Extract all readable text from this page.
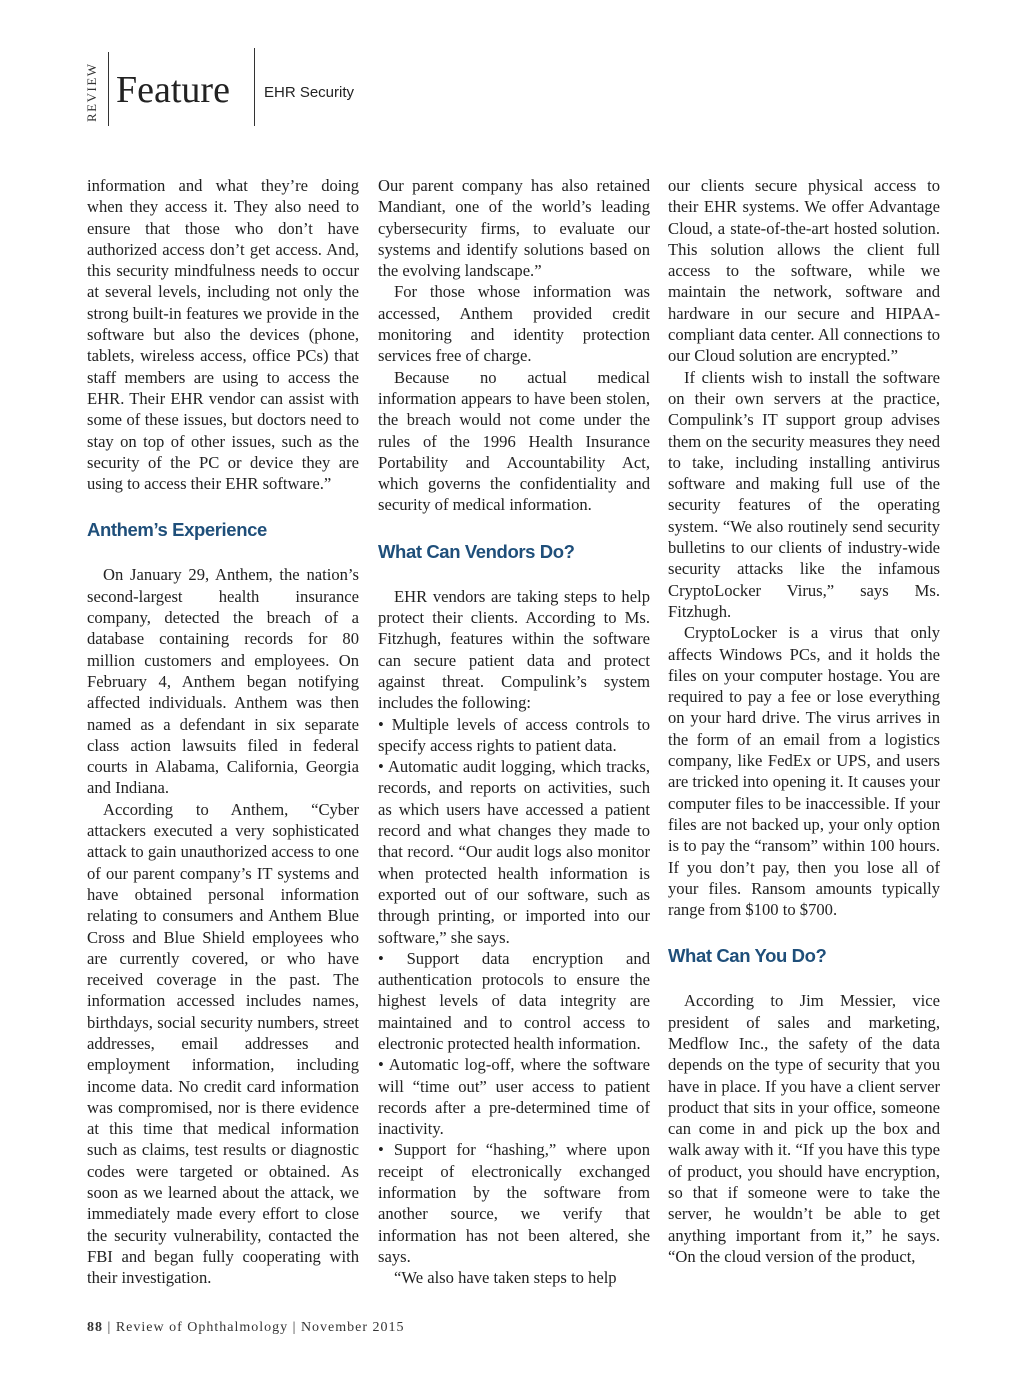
REVIEW Feature EHR Security

information and what they’re doing when they access it. They also need to ensure that those who don’t have authorized access don’t get access. And, this security mindfulness needs to occur at several levels, including not only the strong built-in features we provide in the software but also the devices (phone, tablets, wireless access, office PCs) that staff members are using to access the EHR. Their EHR vendor can assist with some of these issues, but doctors need to stay on top of other issues, such as the security of the PC or device they are using to access their EHR software.”

Anthem’s Experience

On January 29, Anthem, the nation’s second-largest health insurance company, detected the breach of a database containing records for 80 million customers and employees. On February 4, Anthem began notifying affected individuals. Anthem was then named as a defendant in six separate class action lawsuits filed in federal courts in Alabama, California, Georgia and Indiana.

According to Anthem, “Cyber attackers executed a very sophisticated attack to gain unauthorized access to one of our parent company’s IT systems and have obtained personal information relating to consumers and Anthem Blue Cross and Blue Shield employees who are currently covered, or who have received coverage in the past. The information accessed includes names, birthdays, social security numbers, street addresses, email addresses and employment information, including income data. No credit card information was compromised, nor is there evidence at this time that medical information such as claims, test results or diagnostic codes were targeted or obtained. As soon as we learned about the attack, we immediately made every effort to close the security vulnerability, contacted the FBI and began fully cooperating with their investigation.

Our parent company has also retained Mandiant, one of the world’s leading cybersecurity firms, to evaluate our systems and identify solutions based on the evolving landscape.”

For those whose information was accessed, Anthem provided credit monitoring and identity protection services free of charge.

Because no actual medical information appears to have been stolen, the breach would not come under the rules of the 1996 Health Insurance Portability and Accountability Act, which governs the confidentiality and security of medical information.

What Can Vendors Do?

EHR vendors are taking steps to help protect their clients. According to Ms. Fitzhugh, features within the software can secure patient data and protect against threat. Compulink’s system includes the following:

• Multiple levels of access controls to specify access rights to patient data.

• Automatic audit logging, which tracks, records, and reports on activities, such as which users have accessed a patient record and what changes they made to that record. “Our audit logs also monitor when protected health information is exported out of our software, such as through printing, or imported into our software,” she says.

• Support data encryption and authentication protocols to ensure the highest levels of data integrity are maintained and to control access to electronic protected health information.

• Automatic log-off, where the software will “time out” user access to patient records after a pre-determined time of inactivity.

• Support for “hashing,” where upon receipt of electronically exchanged information by the software from another source, we verify that information has not been altered, she says.

“We also have taken steps to help

our clients secure physical access to their EHR systems. We offer Advantage Cloud, a state-of-the-art hosted solution. This solution allows the client full access to the software, while we maintain the network, software and hardware in our secure and HIPAA-compliant data center. All connections to our Cloud solution are encrypted.”

If clients wish to install the software on their own servers at the practice, Compulink’s IT support group advises them on the security measures they need to take, including installing antivirus software and making full use of the security features of the operating system. “We also routinely send security bulletins to our clients of industry-wide security attacks like the infamous CryptoLocker Virus,” says Ms. Fitzhugh.

CryptoLocker is a virus that only affects Windows PCs, and it holds the files on your computer hostage. You are required to pay a fee or lose everything on your hard drive. The virus arrives in the form of an email from a logistics company, like FedEx or UPS, and users are tricked into opening it. It causes your computer files to be inaccessible. If your files are not backed up, your only option is to pay the “ransom” within 100 hours. If you don’t pay, then you lose all of your files. Ransom amounts typically range from $100 to $700.

What Can You Do?

According to Jim Messier, vice president of sales and marketing, Medflow Inc., the safety of the data depends on the type of security that you have in place. If you have a client server product that sits in your office, someone can come in and pick up the box and walk away with it. “If you have this type of product, you should have encryption, so that if someone were to take the server, he wouldn’t be able to get anything important from it,” he says. “On the cloud version of the product,

88 | Review of Ophthalmology | November 2015
